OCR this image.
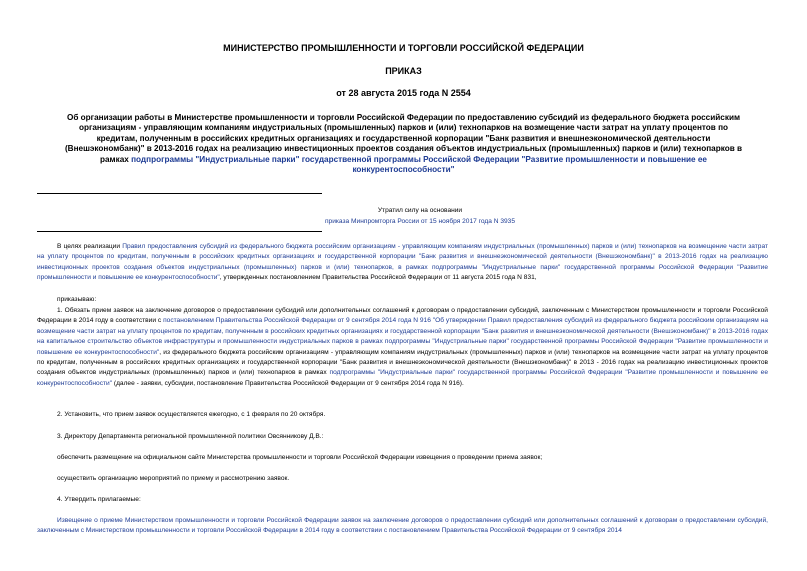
МИНИСТЕРСТВО ПРОМЫШЛЕННОСТИ И ТОРГОВЛИ РОССИЙСКОЙ ФЕДЕРАЦИИ
ПРИКАЗ
от 28 августа 2015 года N 2554
Об организации работы в Министерстве промышленности и торговли Российской Федерации по предоставлению субсидий из федерального бюджета российским организациям - управляющим компаниям индустриальных (промышленных) парков и (или) технопарков на возмещение части затрат на уплату процентов по кредитам, полученным в российских кредитных организациях и государственной корпорации "Банк развития и внешнеэкономической деятельности (Внешэкономбанк)" в 2013-2016 годах на реализацию инвестиционных проектов создания объектов индустриальных (промышленных) парков и (или) технопарков в рамках подпрограммы "Индустриальные парки" государственной программы Российской Федерации "Развитие промышленности и повышение ее конкурентоспособности"
Утратил силу на основании
приказа Минпромторга России от 15 ноября 2017 года N 3935
В целях реализации Правил предоставления субсидий из федерального бюджета российским организациям - управляющим компаниям индустриальных (промышленных) парков и (или) технопарков на возмещение части затрат на уплату процентов по кредитам, полученным в российских кредитных организациях и государственной корпорации "Банк развития и внешнеэкономической деятельности (Внешэкономбанк)" в 2013-2016 годах на реализацию инвестиционных проектов создания объектов индустриальных (промышленных) парков и (или) технопарков, в рамках подпрограммы "Индустриальные парки" государственной программы Российской Федерации "Развитие промышленности и повышение ее конкурентоспособности", утвержденных постановлением Правительства Российской Федерации от 11 августа 2015 года N 831,
приказываю:
1. Обязать прием заявок на заключение договоров о предоставлении субсидий или дополнительных соглашений к договорам о предоставлении субсидий, заключенным с Министерством промышленности и торговли Российской Федерации в 2014 году в соответствии с постановлением Правительства Российской Федерации от 9 сентября 2014 года N 916 "Об утверждении Правил предоставления субсидий из федерального бюджета российским организациям на возмещение части затрат на уплату процентов по кредитам, полученным в российских кредитных организациях и государственной корпорации "Банк развития и внешнеэкономической деятельности (Внешэкономбанк)" в 2013-2016 годах на капитальное строительство объектов инфраструктуры и промышленности индустриальных парков в рамках подпрограммы "Индустриальные парки" государственной программы Российской Федерации "Развитие промышленности и повышение ее конкурентоспособности", из федерального бюджета российским организациям - управляющим компаниям индустриальных (промышленных) парков и (или) технопарков на возмещение части затрат на уплату процентов по кредитам, полученным в российских кредитных организациях и государственной корпорации "Банк развития и внешнеэкономической деятельности (Внешэкономбанк)" в 2013 - 2016 годах на реализацию инвестиционных проектов создания объектов индустриальных (промышленных) парков и (или) технопарков в рамках подпрограммы "Индустриальные парки" государственной программы Российской Федерации "Развитие промышленности и повышение ее конкурентоспособности" (далее - заявки, субсидии, постановление Правительства Российской Федерации от 9 сентября 2014 года N 916).
2. Установить, что прием заявок осуществляется ежегодно, с 1 февраля по 20 октября.
3. Директору Департамента региональной промышленной политики Овсянникову Д.В.:
обеспечить размещение на официальном сайте Министерства промышленности и торговли Российской Федерации извещения о проведении приема заявок;
осуществить организацию мероприятий по приему и рассмотрению заявок.
4. Утвердить прилагаемые:
Извещение о приеме Министерством промышленности и торговли Российской Федерации заявок на заключение договоров о предоставлении субсидий или дополнительных соглашений к договорам о предоставлении субсидий, заключенным с Министерством промышленности и торговли Российской Федерации в 2014 году в соответствии с постановлением Правительства Российской Федерации от 9 сентября 2014
